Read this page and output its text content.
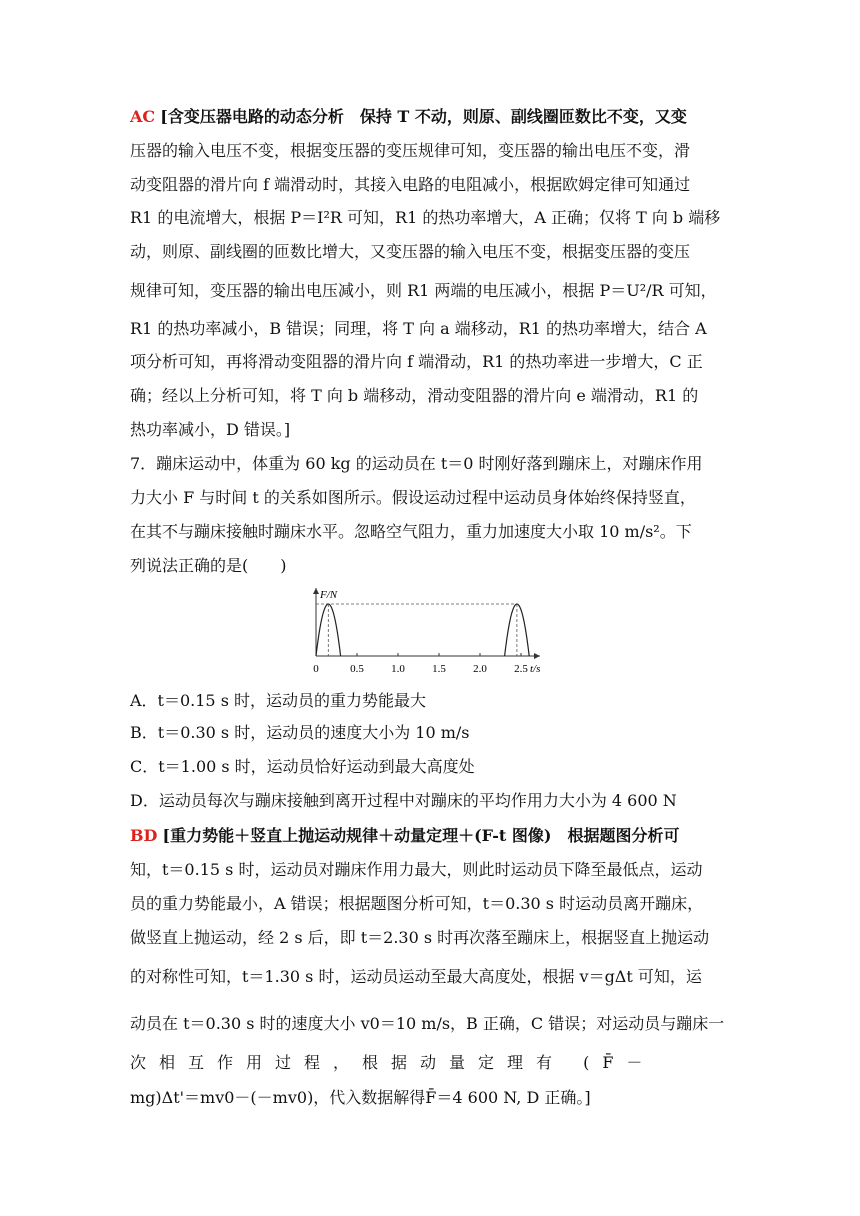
AC [含变压器电路的动态分析　保持 T 不动，则原、副线圈匝数比不变，又变
压器的输入电压不变，根据变压器的变压规律可知，变压器的输出电压不变，滑
动变阻器的滑片向 f 端滑动时，其接入电路的电阻减小，根据欧姆定律可知通过
R1 的电流增大，根据 P＝I²R 可知，R1 的热功率增大，A 正确；仅将 T 向 b 端移
动，则原、副线圈的匝数比增大，又变压器的输入电压不变，根据变压器的变压
规律可知，变压器的输出电压减小，则 R1 两端的电压减小，根据 P＝U²/R 可知，
R1 的热功率减小，B 错误；同理，将 T 向 a 端移动，R1 的热功率增大，结合 A
项分析可知，再将滑动变阻器的滑片向 f 端滑动，R1 的热功率进一步增大，C 正
确；经以上分析可知，将 T 向 b 端移动，滑动变阻器的滑片向 e 端滑动，R1 的
热功率减小，D 错误。]
7．蹦床运动中，体重为 60 kg 的运动员在 t＝0 时刚好落到蹦床上，对蹦床作用
力大小 F 与时间 t 的关系如图所示。假设运动过程中运动员身体始终保持竖直，
在其不与蹦床接触时蹦床水平。忽略空气阻力，重力加速度大小取 10 m/s²。下
列说法正确的是(　　)
F/N
t/s
0	0.5 1.0 1.5 2.0 2.5
A．t＝0.15 s 时，运动员的重力势能最大
B．t＝0.30 s 时，运动员的速度大小为 10 m/s
C．t＝1.00 s 时，运动员恰好运动到最大高度处
D．运动员每次与蹦床接触到离开过程中对蹦床的平均作用力大小为 4 600 N
BD [重力势能＋竖直上抛运动规律＋动量定理＋(F-t 图像)　根据题图分析可
知，t＝0.15 s 时，运动员对蹦床作用力最大，则此时运动员下降至最低点，运动
员的重力势能最小，A 错误；根据题图分析可知，t＝0.30 s 时运动员离开蹦床，
做竖直上抛运动，经 2 s 后，即 t＝2.30 s 时再次落至蹦床上，根据竖直上抛运动
的对称性可知，t＝1.30 s 时，运动员运动至最大高度处，根据 v＝gΔt 可知，运
动员在 t＝0.30 s 时的速度大小 v0＝10 m/s，B 正确，C 错误；对运动员与蹦床一
次相互作用过程，根据动量定理有 (F̄－
mg)Δt'＝mv0－(－mv0)，代入数据解得F̄＝4 600 N, D 正确。]
